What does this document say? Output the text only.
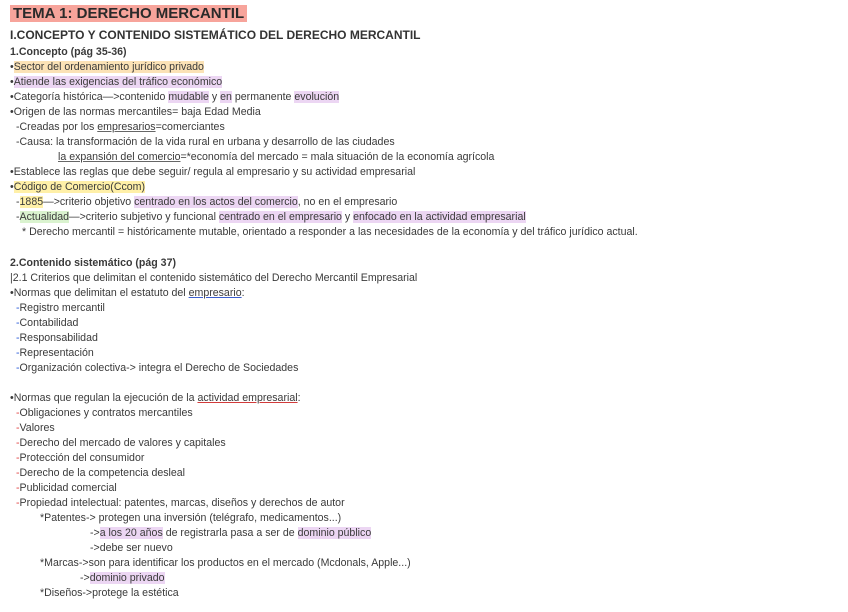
TEMA 1: DERECHO MERCANTIL
I.CONCEPTO Y CONTENIDO SISTEMÁTICO DEL DERECHO MERCANTIL
1.Concepto (pág 35-36)
•Sector del ordenamiento jurídico privado
•Atiende las exigencias del tráfico económico
•Categoría histórica—>contenido mudable y en permanente evolución
•Origen de las normas mercantiles= baja Edad Media
-Creadas por los empresarios=comerciantes
-Causa: la transformación de la vida rural en urbana y desarrollo de las ciudades
la expansión del comercio=*economía del mercado = mala situación de la economía agrícola
•Establece las reglas que debe seguir/ regula al empresario y su actividad empresarial
•Código de Comercio(Ccom)
-1885—>criterio objetivo centrado en los actos del comercio, no en el empresario
-Actualidad—>criterio subjetivo y funcional centrado en el empresario y enfocado en la actividad empresarial
* Derecho mercantil = históricamente mutable, orientado a responder a las necesidades de la economía y del tráfico jurídico actual.
2.Contenido sistemático (pág 37)
|2.1 Criterios que delimitan el contenido sistemático del Derecho Mercantil Empresarial
•Normas que delimitan el estatuto del empresario:
-Registro mercantil
-Contabilidad
-Responsabilidad
-Representación
-Organización colectiva-> integra el Derecho de Sociedades
•Normas que regulan la ejecución de la actividad empresarial:
-Obligaciones y contratos mercantiles
-Valores
-Derecho del mercado de valores y capitales
-Protección del consumidor
-Derecho de la competencia desleal
-Publicidad comercial
-Propiedad intelectual: patentes, marcas, diseños y derechos de autor
*Patentes-> protegen una inversión (telégrafo, medicamentos...)
->a los 20 años de registrarla pasa a ser de dominio público
->debe ser nuevo
*Marcas->son para identificar los productos en el mercado (Mcdonals, Apple...)
->dominio privado
*Diseños->protege la estética
